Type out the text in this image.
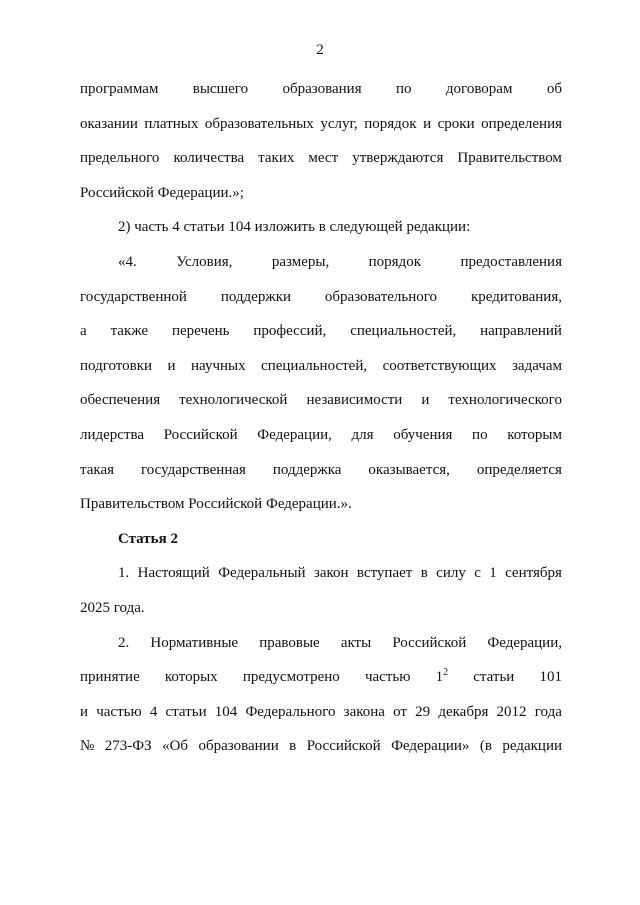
2
программам высшего образования по договорам об
оказании платных образовательных услуг, порядок и сроки определения
предельного количества таких мест утверждаются Правительством
Российской Федерации.»;
2) часть 4 статьи 104 изложить в следующей редакции:
«4.	Условия,	размеры,	порядок	предоставления
государственной поддержки образовательного кредитования,
а также перечень профессий, специальностей, направлений
подготовки и научных специальностей, соответствующих задачам
обеспечения технологической независимости и технологического
лидерства Российской Федерации, для обучения по которым
такая государственная поддержка оказывается, определяется
Правительством Российской Федерации.».
Статья 2
1. Настоящий Федеральный закон вступает в силу с 1 сентября
2025 года.
2. Нормативные правовые акты Российской Федерации,
принятие которых предусмотрено частью $1^2$ статьи 101
и частью 4 статьи 104 Федерального закона от 29 декабря 2012 года
№ 273-ФЗ «Об образовании в Российской Федерации» (в редакции
